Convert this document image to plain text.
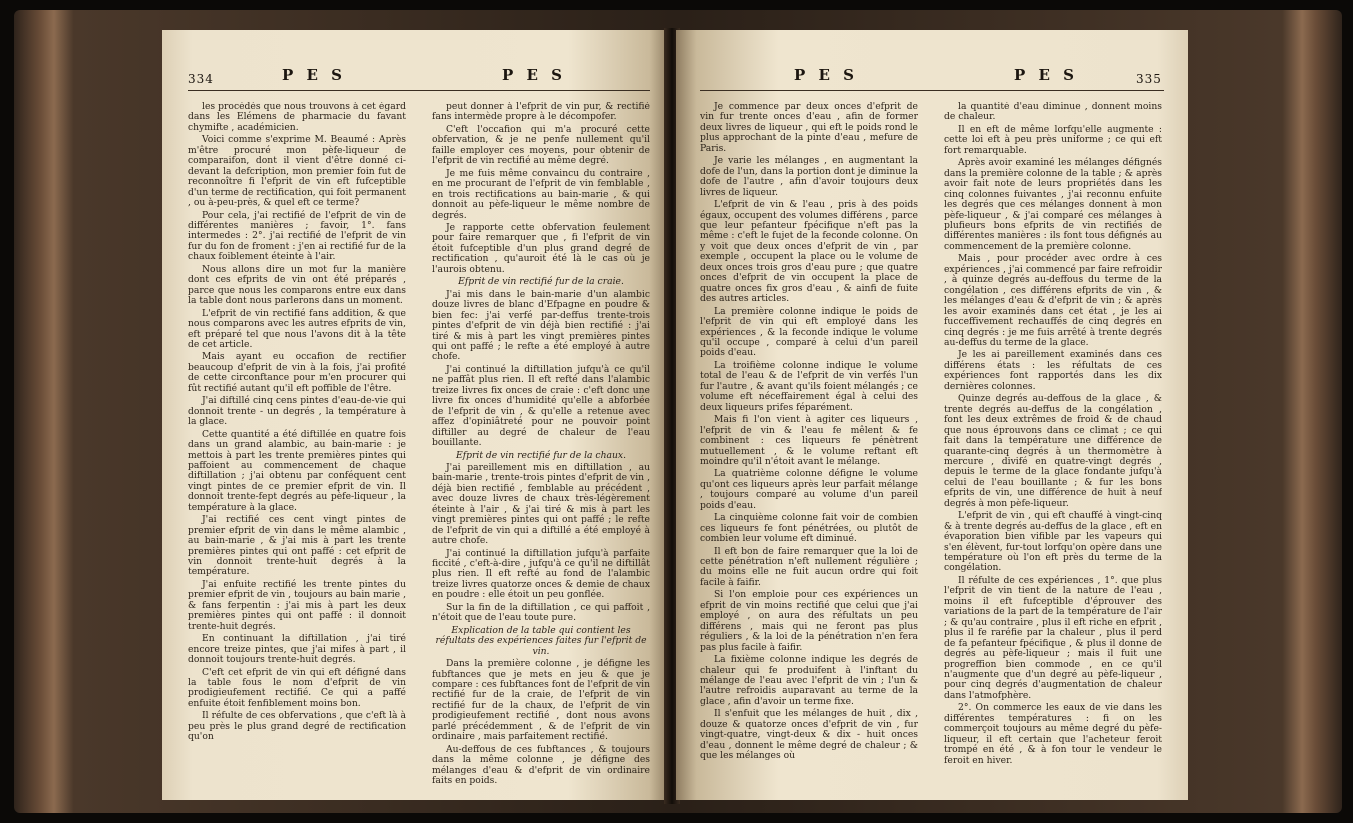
334	P E S	P E S

les procédés que nous trouvons à cet égard dans les Elémens de pharmacie du favant chymifte , académicien.

Voici comme s'exprime M. Beaumé : Après m'être procuré mon pèfe-liqueur de comparaifon, dont il vient d'être donné ci-devant la defcription, mon premier foin fut de reconnoître fi l'efprit de vin eft fufceptible d'un terme de rectification, qui foit permanent , ou à-peu-près, & quel eft ce terme?

Pour cela, j'ai rectifié de l'efprit de vin de différentes manières ; favoir, 1°. fans intermedes : 2°. j'ai rectifié de l'efprit de vin fur du fon de froment : j'en ai rectifié fur de la chaux foiblement éteinte à l'air.

Nous allons dire un mot fur la manière dont ces efprits de vin ont été préparés , parce que nous les comparons entre eux dans la table dont nous parlerons dans un moment.

L'efprit de vin rectifié fans addition, & que nous comparons avec les autres efprits de vin, eft préparé tel que nous l'avons dit à la tête de cet article.

Mais ayant eu occafion de rectifier beaucoup d'efprit de vin à la fois, j'ai profité de cette circonftance pour m'en procurer qui fût rectifié autant qu'il eft poffible de l'être.

J'ai diftillé cinq cens pintes d'eau-de-vie qui donnoit trente - un degrés , la température à la glace.

Cette quantité a été diftillée en quatre fois dans un grand alambic, au bain-marie : je mettois à part les trente premières pintes qui paffoient au commencement de chaque diftillation ; j'ai obtenu par conféquent cent vingt pintes de ce premier efprit de vin. Il donnoit trente-fept degrés au pèfe-liqueur , la température à la glace.

J'ai rectifié ces cent vingt pintes de premier efprit de vin dans le même alambic , au bain-marie , & j'ai mis à part les trente premières pintes qui ont paffé : cet efprit de vin donnoit trente-huit degrés à la température.

J'ai enfuite rectifié les trente pintes du premier efprit de vin , toujours au bain marie , & fans ferpentin : j'ai mis à part les deux premières pintes qui ont paffé : il donnoit trente-huit degrés.

En continuant la diftillation , j'ai tiré encore treize pintes, que j'ai mifes à part , il donnoit toujours trente-huit degrés.

C'eft cet efprit de vin qui eft défigné dans la table fous le nom d'efprit de vin prodigieufement rectifié. Ce qui a paffé enfuite étoit fenfiblement moins bon.

Il réfulte de ces obfervations , que c'eft là à peu près le plus grand degré de rectification qu'on

peut donner à l'efprit de vin pur, & rectifié fans intermède propre à le décompofer.

C'eft l'occafion qui m'a procuré cette obfervation, & je ne penfe nullement qu'il faille employer ces moyens, pour obtenir de l'efprit de vin rectifié au même degré.

Je me fuis même convaincu du contraire , en me procurant de l'efprit de vin femblable , en trois rectifications au bain-marie , & qui donnoit au pèfe-liqueur le même nombre de degrés.

Je rapporte cette obfervation feulement pour faire remarquer que , fi l'efprit de vin étoit fufceptible d'un plus grand degré de rectification , qu'auroit été là le cas où je l'aurois obtenu.

Efprit de vin rectifié fur de la craie.

J'ai mis dans le bain-marie d'un alambic douze livres de blanc d'Efpagne en poudre & bien fec: j'ai verfé par-deffus trente-trois pintes d'efprit de vin déjà bien rectifié : j'ai tiré & mis à part les vingt premières pintes qui ont paffé ; le refte a été employé à autre chofe.

J'ai continué la diftillation jufqu'à ce qu'il ne paffât plus rien. Il eft refté dans l'alambic treize livres fix onces de craie : c'eft donc une livre fix onces d'humidité qu'elle a abforbée de l'efprit de vin , & qu'elle a retenue avec affez d'opiniâtreté pour ne pouvoir point diftiller au degré de chaleur de l'eau bouillante.

Efprit de vin rectifié fur de la chaux.

J'ai pareillement mis en diftillation , au bain-marie , trente-trois pintes d'efprit de vin , déjà bien rectifié , femblable au précédent , avec douze livres de chaux très-légèrement éteinte à l'air , & j'ai tiré & mis à part les vingt premières pintes qui ont paffé ; le refte de l'efprit de vin qui a diftillé a été employé à autre chofe.

J'ai continué la diftillation jufqu'à parfaite ficcité , c'eft-à-dire , jufqu'à ce qu'il ne diftillât plus rien. Il eft refté au fond de l'alambic treize livres quatorze onces & demie de chaux en poudre : elle étoit un peu gonflée.

Sur la fin de la diftillation , ce qui paffoit , n'étoit que de l'eau toute pure.

Explication de la table qui contient les réfultats des expériences faites fur l'efprit de vin.

Dans la première colonne , je défigne les fubftances que je mets en jeu & que je compare : ces fubftances font de l'efprit de vin rectifié fur de la craie, de l'efprit de vin rectifié fur de la chaux, de l'efprit de vin prodigieufement rectifié , dont nous avons parlé précédemment , & de l'efprit de vin ordinaire , mais parfaitement rectifié.

Au-deffous de ces fubftances , & toujours dans la même colonne , je défigne des mélanges d'eau & d'efprit de vin ordinaire faits en poids.

P E S	P E S	335

Je commence par deux onces d'efprit de vin fur trente onces d'eau , afin de former deux livres de liqueur , qui eft le poids rond le plus approchant de la pinte d'eau , mefure de Paris.

Je varie les mélanges , en augmentant la dofe de l'un, dans la portion dont je diminue la dofe de l'autre , afin d'avoir toujours deux livres de liqueur.

L'efprit de vin & l'eau , pris à des poids égaux, occupent des volumes différens , parce que leur pefanteur fpécifique n'eft pas la même : c'eft le fujet de la feconde colonne. On y voit que deux onces d'efprit de vin , par exemple , occupent la place ou le volume de deux onces trois gros d'eau pure ; que quatre onces d'efprit de vin occupent la place de quatre onces fix gros d'eau , & ainfi de fuite des autres articles.

La première colonne indique le poids de l'efprit de vin qui eft employé dans les expériences , & la feconde indique le volume qu'il occupe , comparé à celui d'un pareil poids d'eau.

La troifième colonne indique le volume total de l'eau & de l'efprit de vin verfés l'un fur l'autre , & avant qu'ils foient mélangés ; ce volume eft néceffairement égal à celui des deux liqueurs prifes féparément.

Mais fi l'on vient à agiter ces liqueurs , l'efprit de vin & l'eau fe mêlent & fe combinent : ces liqueurs fe pénètrent mutuellement , & le volume reftant eft moindre qu'il n'étoit avant le mélange.

La quatrième colonne défigne le volume qu'ont ces liqueurs après leur parfait mélange , toujours comparé au volume d'un pareil poids d'eau.

La cinquième colonne fait voir de combien ces liqueurs fe font pénétrées, ou plutôt de combien leur volume eft diminué.

Il eft bon de faire remarquer que la loi de cette pénétration n'eft nullement régulière ; du moins elle ne fuit aucun ordre qui foit facile à faifir.

Si l'on emploie pour ces expériences un efprit de vin moins rectifié que celui que j'ai employé , on aura des réfultats un peu différens , mais qui ne feront pas plus réguliers , & la loi de la pénétration n'en fera pas plus facile à faifir.

La fixième colonne indique les degrés de chaleur qui fe produifent à l'inftant du mélange de l'eau avec l'efprit de vin ; l'un & l'autre refroidis auparavant au terme de la glace , afin d'avoir un terme fixe.

Il s'enfuit que les mélanges de huit , dix , douze & quatorze onces d'efprit de vin , fur vingt-quatre, vingt-deux & dix - huit onces d'eau , donnent le même degré de chaleur ; & que les mélanges où

la quantité d'eau diminue , donnent moins de chaleur.

Il en eft de même lorfqu'elle augmente : cette loi eft à peu près uniforme ; ce qui eft fort remarquable.

Après avoir examiné les mélanges défignés dans la première colonne de la table ; & après avoir fait note de leurs propriétés dans les cinq colonnes fuivantes , j'ai reconnu enfuite les degrés que ces mélanges donnent à mon pèfe-liqueur , & j'ai comparé ces mélanges à plufieurs bons efprits de vin rectifiés de différentes manières : ils font tous défignés au commencement de la première colonne.

Mais , pour procéder avec ordre à ces expériences , j'ai commencé par faire refroidir , à quinze degrés au-deffous du terme de la congélation , ces différens efprits de vin , & les mélanges d'eau & d'efprit de vin ; & après les avoir examinés dans cet état , je les ai fucceffivement rechauffés de cinq degrés en cinq degrés : je me fuis arrêté à trente degrés au-deffus du terme de la glace.

Je les ai pareillement examinés dans ces différens états : les réfultats de ces expériences font rapportés dans les dix dernières colonnes.

Quinze degrés au-deffous de la glace , & trente degrés au-deffus de la congélation , font les deux extrêmes de froid & de chaud que nous éprouvons dans ce climat ; ce qui fait dans la température une différence de quarante-cinq degrés à un thermomètre à mercure , divifé en quatre-vingt degrés , depuis le terme de la glace fondante jufqu'à celui de l'eau bouillante ; & fur les bons efprits de vin, une différence de huit à neuf degrés à mon pèfe-liqueur.

L'efprit de vin , qui eft chauffé à vingt-cinq & à trente degrés au-deffus de la glace , eft en évaporation bien vifible par les vapeurs qui s'en élèvent, fur-tout lorfqu'on opère dans une température où l'on eft près du terme de la congélation.

Il réfulte de ces expériences , 1°. que plus l'efprit de vin tient de la nature de l'eau , moins il eft fufceptible d'éprouver des variations de la part de la température de l'air ; & qu'au contraire , plus il eft riche en efprit , plus il fe raréfie par la chaleur , plus il perd de fa pefanteur fpécifique , & plus il donne de degrés au pèfe-liqueur ; mais il fuit une progreffion bien commode , en ce qu'il n'augmente que d'un degré au pèfe-liqueur , pour cinq degrés d'augmentation de chaleur dans l'atmofphère.

2°. On commerce les eaux de vie dans les différentes températures : fi on les commerçoit toujours au même degré du pèfe-liqueur, il eft certain que l'acheteur feroit trompé en été , & à fon tour le vendeur le feroit en hiver.
